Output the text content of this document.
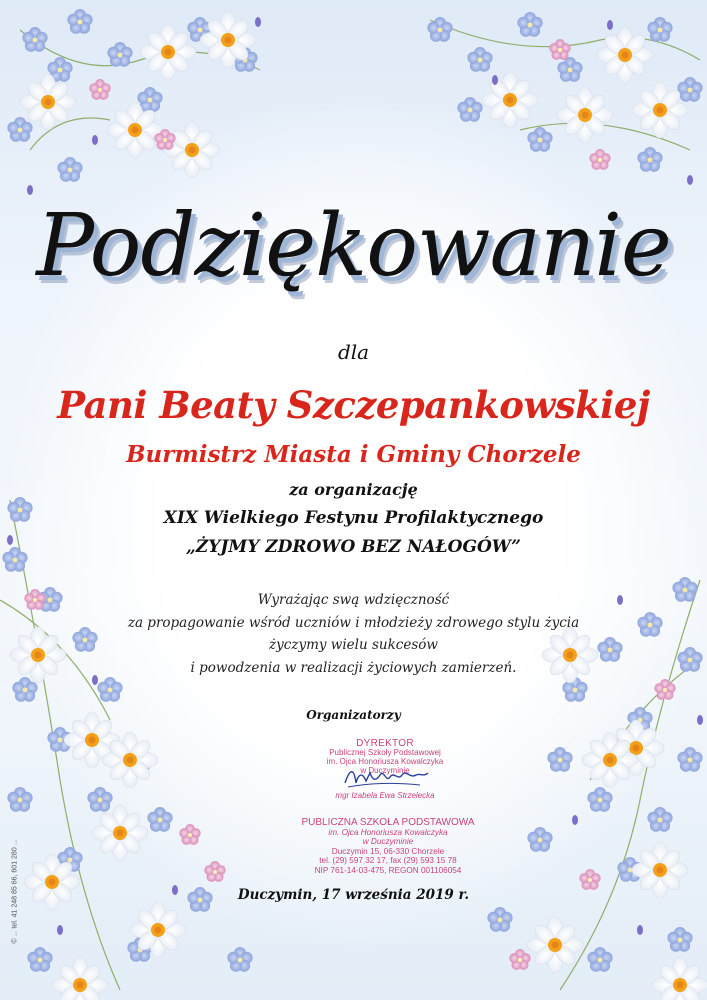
Podziękowanie
dla
Pani Beaty Szczepankowskiej
Burmistrz Miasta i Gminy Chorzele
za organizację
XIX Wielkiego Festynu Profilaktycznego
„ŻYJMY ZDROWO BEZ NAŁOGÓW”
Wyrażając swą wdzięczność
za propagowanie wśród uczniów i młodzieży zdrowego stylu życia
życzymy wielu sukcesów
i powodzenia w realizacji życiowych zamierzeń.
Organizatorzy
DYREKTOR
Publicznej Szkoły Podstawowej
im. Ojca Honoriusza Kowalczyka
w Duczyminie
mgr Izabela Ewa Strzelecka
PUBLICZNA SZKOŁA PODSTAWOWA
im. Ojca Honoriusza Kowalczyka
w Duczyminie
Duczymin 15, 06-330 Chorzele
tel. (29) 597 32 17, fax (29) 593 15 78
NIP 761-14-03-475, REGON 001106054
Duczymin, 17 września 2019 r.
© ... tel. 41 248 85 66, 601 280 ...
